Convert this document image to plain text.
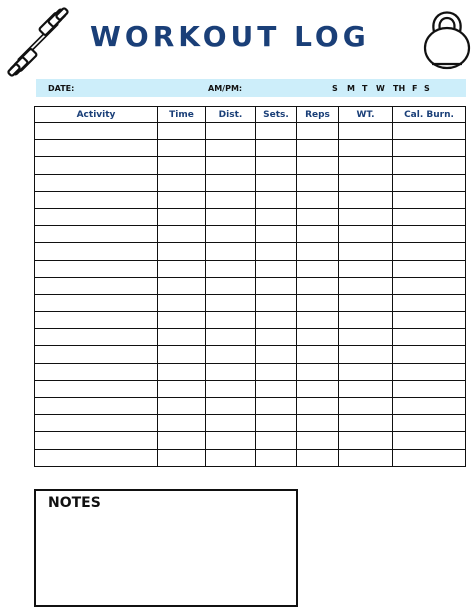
WORKOUT LOG
DATE:	AM/PM:	S M T W TH F S
Activity	Time	Dist.	Sets.	Reps	WT.	Cal. Burn.

NOTES
